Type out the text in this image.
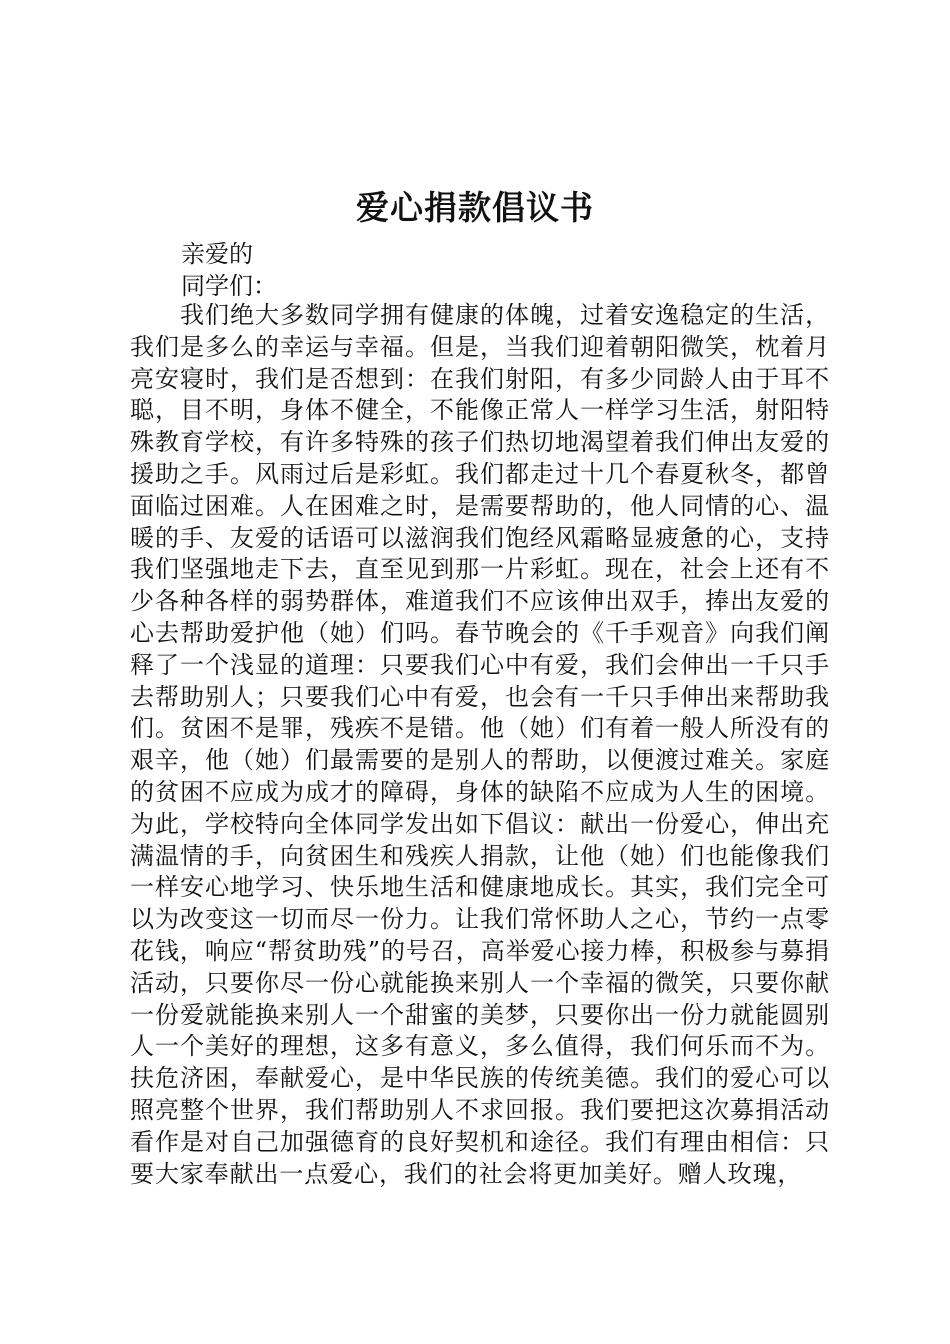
爱心捐款倡议书

亲爱的

同学们：

我们绝大多数同学拥有健康的体魄，过着安逸稳定的生活，我们是多么的幸运与幸福。但是，当我们迎着朝阳微笑，枕着月亮安寝时，我们是否想到：在我们射阳，有多少同龄人由于耳不聪，目不明，身体不健全，不能像正常人一样学习生活，射阳特殊教育学校，有许多特殊的孩子们热切地渴望着我们伸出友爱的援助之手。风雨过后是彩虹。我们都走过十几个春夏秋冬，都曾面临过困难。人在困难之时，是需要帮助的，他人同情的心、温暖的手、友爱的话语可以滋润我们饱经风霜略显疲惫的心，支持我们坚强地走下去，直至见到那一片彩虹。现在，社会上还有不少各种各样的弱势群体，难道我们不应该伸出双手，捧出友爱的心去帮助爱护他（她）们吗。春节晚会的《千手观音》向我们阐释了一个浅显的道理：只要我们心中有爱，我们会伸出一千只手去帮助别人；只要我们心中有爱，也会有一千只手伸出来帮助我们。贫困不是罪，残疾不是错。他（她）们有着一般人所没有的艰辛，他（她）们最需要的是别人的帮助，以便渡过难关。家庭的贫困不应成为成才的障碍，身体的缺陷不应成为人生的困境。为此，学校特向全体同学发出如下倡议：献出一份爱心，伸出充满温情的手，向贫困生和残疾人捐款，让他（她）们也能像我们一样安心地学习、快乐地生活和健康地成长。其实，我们完全可以为改变这一切而尽一份力。让我们常怀助人之心，节约一点零花钱，响应“帮贫助残”的号召，高举爱心接力棒，积极参与募捐活动，只要你尽一份心就能换来别人一个幸福的微笑，只要你献一份爱就能换来别人一个甜蜜的美梦，只要你出一份力就能圆别人一个美好的理想，这多有意义，多么值得，我们何乐而不为。扶危济困，奉献爱心，是中华民族的传统美德。我们的爱心可以照亮整个世界，我们帮助别人不求回报。我们要把这次募捐活动看作是对自己加强德育的良好契机和途径。我们有理由相信：只要大家奉献出一点爱心，我们的社会将更加美好。赠人玫瑰，
